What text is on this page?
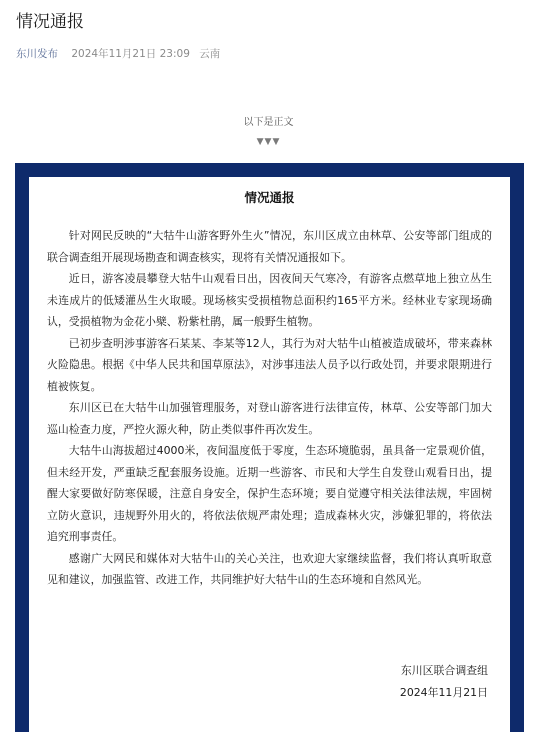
情况通报
东川发布 2024年11月21日 23:09 云南
以下是正文
▼▼▼
情况通报

针对网民反映的“大牯牛山游客野外生火”情况，东川区成立由林草、公安等部门组成的联合调查组开展现场勘查和调查核实，现将有关情况通报如下。

近日，游客凌晨攀登大牯牛山观看日出，因夜间天气寒冷，有游客点燃草地上独立丛生未连成片的低矮灌丛生火取暖。现场核实受损植物总面积约165平方米。经林业专家现场确认，受损植物为金花小檗、粉紫杜鹃，属一般野生植物。

已初步查明涉事游客石某某、李某等12人，其行为对大牯牛山植被造成破坏，带来森林火险隐患。根据《中华人民共和国草原法》，对涉事违法人员予以行政处罚，并要求限期进行植被恢复。

东川区已在大牯牛山加强管理服务，对登山游客进行法律宣传，林草、公安等部门加大巡山检查力度，严控火源火种，防止类似事件再次发生。

大牯牛山海拔超过4000米，夜间温度低于零度，生态环境脆弱，虽具备一定景观价值，但未经开发，严重缺乏配套服务设施。近期一些游客、市民和大学生自发登山观看日出，提醒大家要做好防寒保暖，注意自身安全，保护生态环境；要自觉遵守相关法律法规，牢固树立防火意识，违规野外用火的，将依法依规严肃处理；造成森林火灾，涉嫌犯罪的，将依法追究刑事责任。

感谢广大网民和媒体对大牯牛山的关心关注，也欢迎大家继续监督，我们将认真听取意见和建议，加强监管、改进工作，共同维护好大牯牛山的生态环境和自然风光。

东川区联合调查组
2024年11月21日
